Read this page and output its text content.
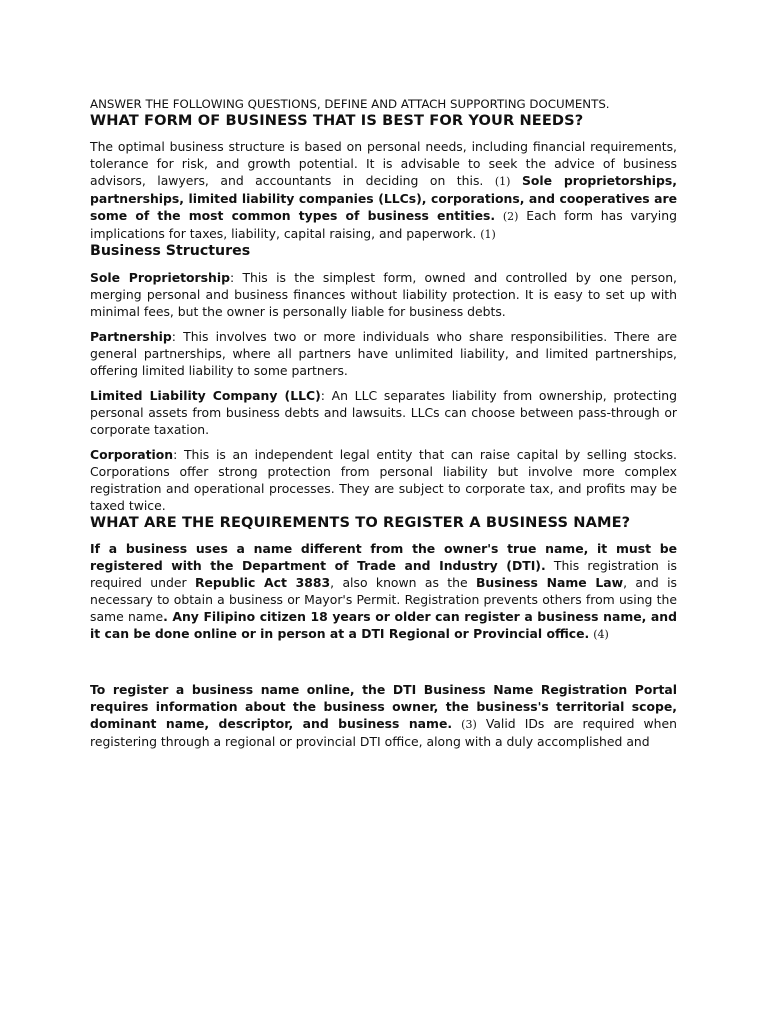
ANSWER THE FOLLOWING QUESTIONS, DEFINE AND ATTACH SUPPORTING DOCUMENTS.

WHAT FORM OF BUSINESS THAT IS BEST FOR YOUR NEEDS?

The optimal business structure is based on personal needs, including financial requirements, tolerance for risk, and growth potential. It is advisable to seek the advice of business advisors, lawyers, and accountants in deciding on this. (1) Sole proprietorships, partnerships, limited liability companies (LLCs), corporations, and cooperatives are some of the most common types of business entities. (2) Each form has varying implications for taxes, liability, capital raising, and paperwork. (1)

Business Structures

Sole Proprietorship: This is the simplest form, owned and controlled by one person, merging personal and business finances without liability protection. It is easy to set up with minimal fees, but the owner is personally liable for business debts.

Partnership: This involves two or more individuals who share responsibilities. There are general partnerships, where all partners have unlimited liability, and limited partnerships, offering limited liability to some partners.

Limited Liability Company (LLC): An LLC separates liability from ownership, protecting personal assets from business debts and lawsuits. LLCs can choose between pass-through or corporate taxation.

Corporation: This is an independent legal entity that can raise capital by selling stocks. Corporations offer strong protection from personal liability but involve more complex registration and operational processes. They are subject to corporate tax, and profits may be taxed twice.

WHAT ARE THE REQUIREMENTS TO REGISTER A BUSINESS NAME?

If a business uses a name different from the owner's true name, it must be registered with the Department of Trade and Industry (DTI). This registration is required under Republic Act 3883, also known as the Business Name Law, and is necessary to obtain a business or Mayor's Permit. Registration prevents others from using the same name. Any Filipino citizen 18 years or older can register a business name, and it can be done online or in person at a DTI Regional or Provincial office. (4)

To register a business name online, the DTI Business Name Registration Portal requires information about the business owner, the business's territorial scope, dominant name, descriptor, and business name. (3) Valid IDs are required when registering through a regional or provincial DTI office, along with a duly accomplished and
